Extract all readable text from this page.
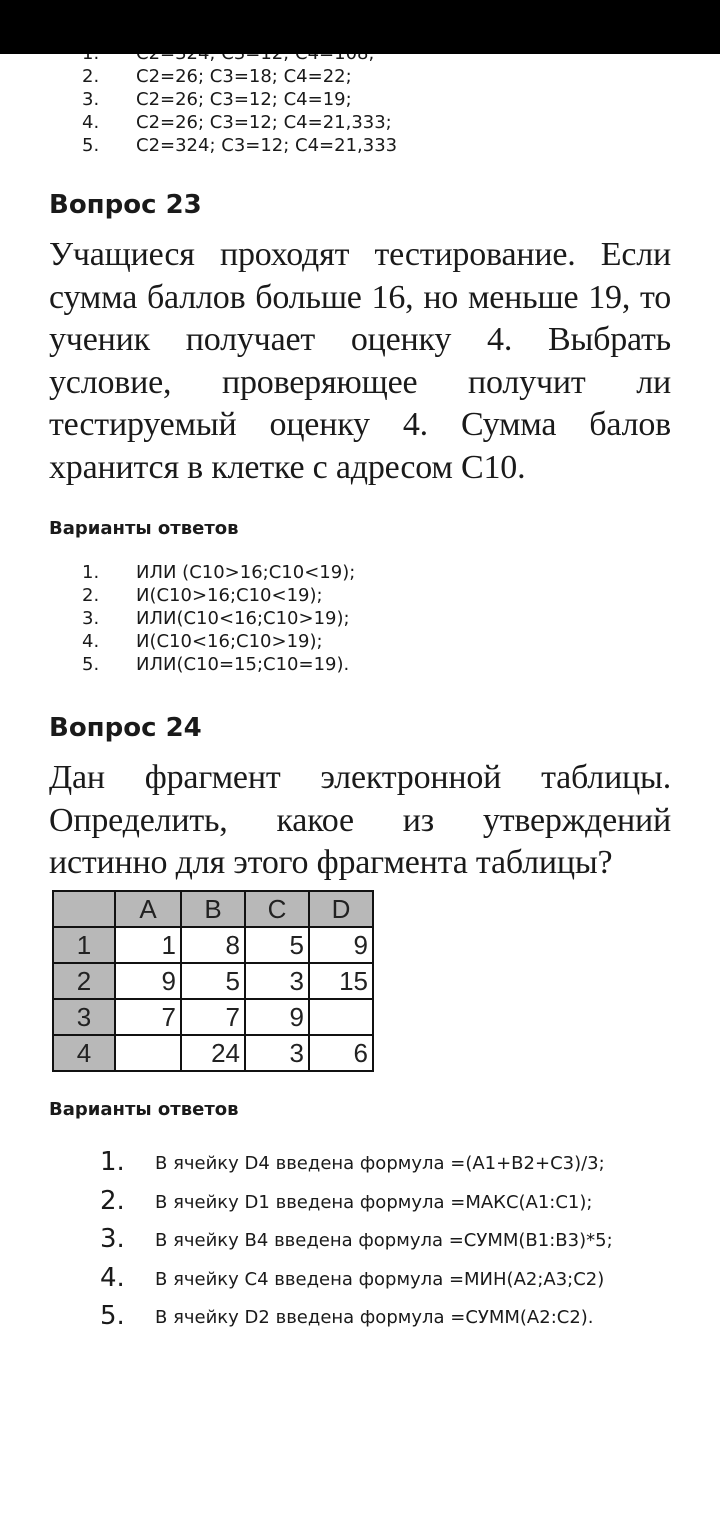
2. C2=26; C3=18; C4=22;
3. C2=26; C3=12; C4=19;
4. C2=26; C3=12; C4=21,333;
5. C2=324; C3=12; C4=21,333
Вопрос 23

Учащиеся проходят тестирование. Если сумма баллов больше 16, но меньше 19, то ученик получает оценку 4. Выбрать условие, проверяющее получит ли тестируемый оценку 4. Сумма балов хранится в клетке с адресом С10.

Варианты ответов
1. ИЛИ (C10>16;C10<19);
2. И(C10>16;C10<19);
3. ИЛИ(C10<16;C10>19);
4. И(C10<16;C10>19);
5. ИЛИ(C10=15;C10=19).
Вопрос 24

Дан фрагмент электронной таблицы. Определить, какое из утверждений истинно для этого фрагмента таблицы?

	A	B	C	D
1	1	8	5	9
2	9	5	3	15
3	7	7	9	
4		24	3	6
Варианты ответов
1. В ячейку D4 введена формула =(A1+B2+C3)/3;
2. В ячейку D1 введена формула =МАКС(A1:C1);
3. В ячейку B4 введена формула =СУММ(B1:B3)*5;
4. В ячейку C4 введена формула =МИН(A2;A3;C2)
5. В ячейку D2 введена формула =СУММ(A2:C2).
